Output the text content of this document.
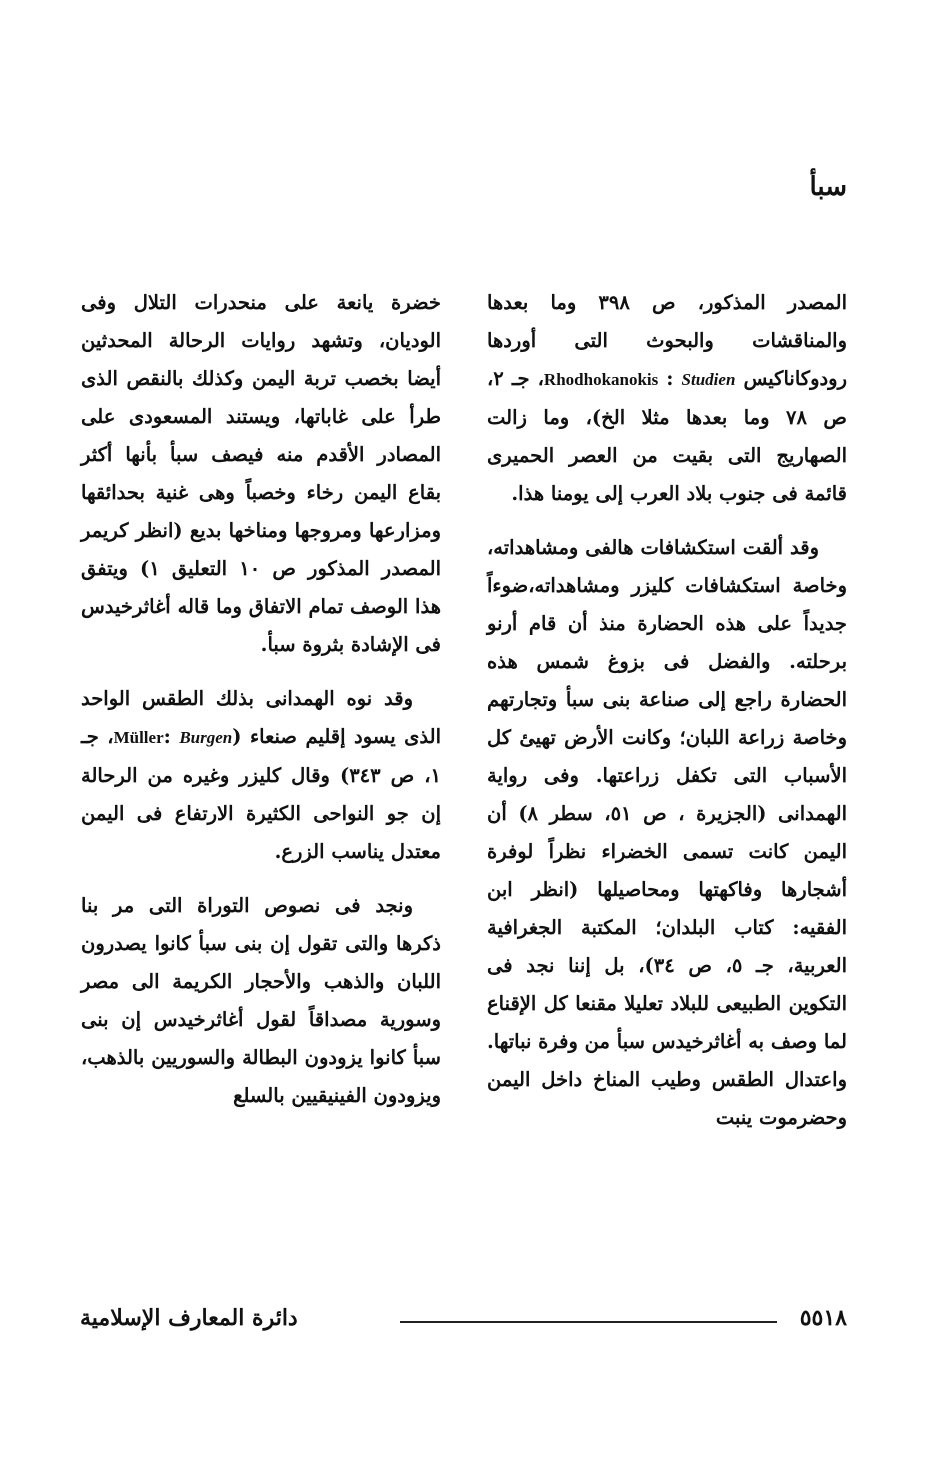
سبأ

المصدر المذكور، ص ٣٩٨ وما بعدها والمناقشات والبحوث التى أوردها رودوكاناكيس Rhodhokanokis : Studien، جـ ٢، ص ٧٨ وما بعدها مثلا الخ)، وما زالت الصهاريج التى بقيت من العصر الحميرى قائمة فى جنوب بلاد العرب إلى يومنا هذا.

وقد ألقت استكشافات هالفى ومشاهداته، وخاصة استكشافات كليزر ومشاهداته،ضوءاً جديداً على هذه الحضارة منذ أن قام أرنو برحلته. والفضل فى بزوغ شمس هذه الحضارة راجع إلى صناعة بنى سبأ وتجارتهم وخاصة زراعة اللبان؛ وكانت الأرض تهيئ كل الأسباب التى تكفل زراعتها. وفى رواية الهمدانى (الجزيرة ، ص ٥١، سطر ٨) أن اليمن كانت تسمى الخضراء نظراً لوفرة أشجارها وفاكهتها ومحاصيلها (انظر ابن الفقيه: كتاب البلدان؛ المكتبة الجغرافية العربية، جـ ٥، ص ٣٤)، بل إننا نجد فى التكوين الطبيعى للبلاد تعليلا مقنعا كل الإقناع لما وصف به أغاثرخيدس سبأ من وفرة نباتها. واعتدال الطقس وطيب المناخ داخل اليمن وحضرموت ينبت

خضرة يانعة على منحدرات التلال وفى الوديان، وتشهد روايات الرحالة المحدثين أيضا بخصب تربة اليمن وكذلك بالنقص الذى طرأ على غاباتها، ويستند المسعودى على المصادر الأقدم منه فيصف سبأ بأنها أكثر بقاع اليمن رخاء وخصباً وهى غنية بحدائقها ومزارعها ومروجها ومناخها بديع (انظر كريمر المصدر المذكور ص ١٠ التعليق ١) ويتفق هذا الوصف تمام الاتفاق وما قاله أغاثرخيدس فى الإشادة بثروة سبأ.

وقد نوه الهمدانى بذلك الطقس الواحد الذى يسود إقليم صنعاء (Müller: Burgen، جـ ١، ص ٣٤٣) وقال كليزر وغيره من الرحالة إن جو النواحى الكثيرة الارتفاع فى اليمن معتدل يناسب الزرع.

ونجد فى نصوص التوراة التى مر بنا ذكرها والتى تقول إن بنى سبأ كانوا يصدرون اللبان والذهب والأحجار الكريمة الى مصر وسورية مصداقاً لقول أغاثرخيدس إن بنى سبأ كانوا يزودون البطالة والسوريين بالذهب، ويزودون الفينيقيين بالسلع

٥٥١٨
دائرة المعارف الإسلامية
